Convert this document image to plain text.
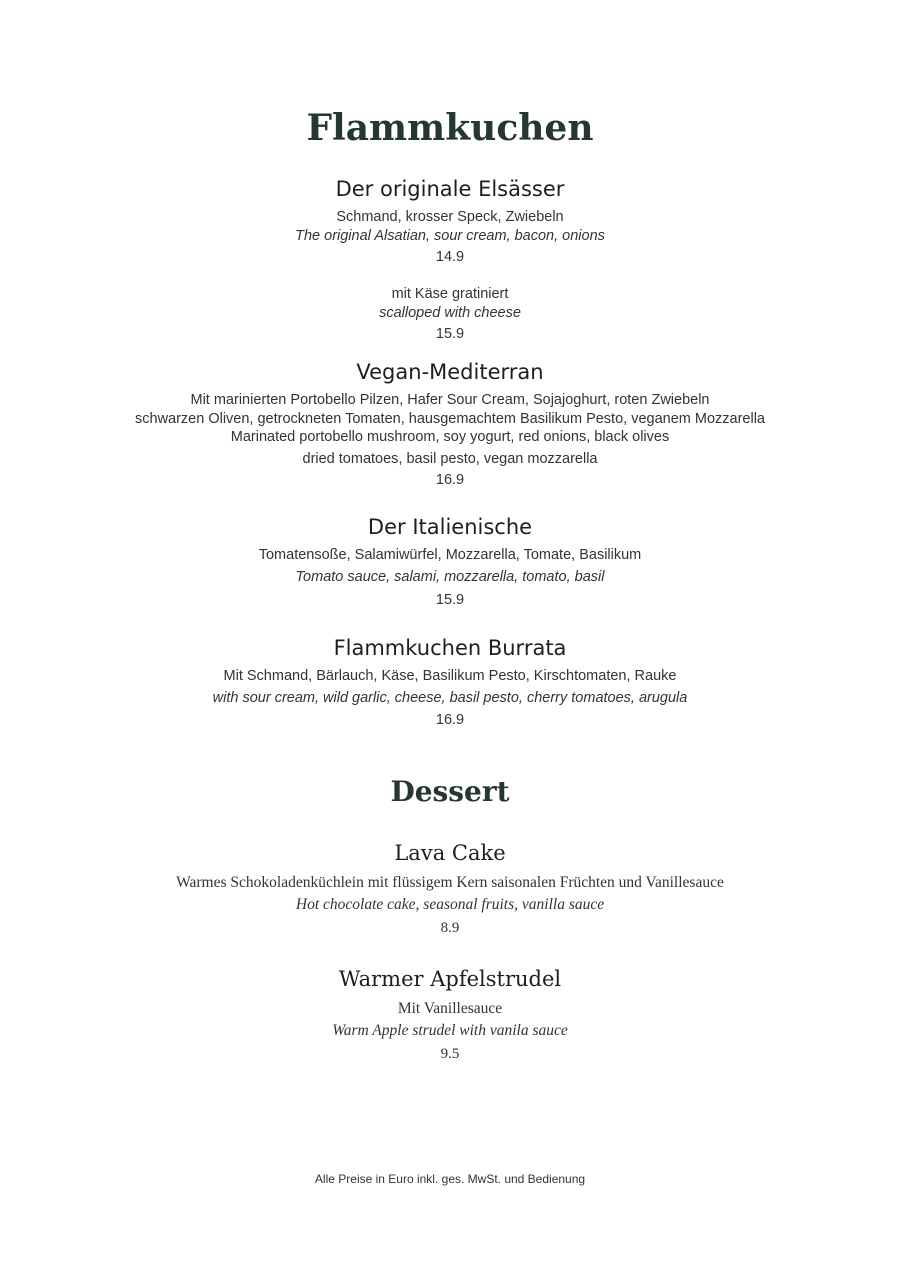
Flammkuchen
Der originale Elsässer
Schmand, krosser Speck, Zwiebeln
The original Alsatian, sour cream, bacon, onions
14.9
mit Käse gratiniert
scalloped with cheese
15.9
Vegan-Mediterran
Mit marinierten Portobello Pilzen, Hafer Sour Cream, Sojajoghurt, roten Zwiebeln
schwarzen Oliven, getrockneten Tomaten, hausgemachtem Basilikum Pesto, veganem Mozzarella
Marinated portobello mushroom, soy yogurt, red onions, black olives
dried tomatoes, basil pesto, vegan mozzarella
16.9
Der Italienische
Tomatensoße, Salamiwürfel, Mozzarella, Tomate, Basilikum
Tomato sauce, salami, mozzarella, tomato, basil
15.9
Flammkuchen Burrata
Mit Schmand, Bärlauch, Käse, Basilikum Pesto, Kirschtomaten, Rauke
with sour cream, wild garlic, cheese, basil pesto, cherry tomatoes, arugula
16.9
Dessert
Lava Cake
Warmes Schokoladenküchlein mit flüssigem Kern saisonalen Früchten und Vanillesauce
Hot chocolate cake, seasonal fruits, vanilla sauce
8.9
Warmer Apfelstrudel
Mit Vanillesauce
Warm Apple strudel with vanila sauce
9.5
Alle Preise in Euro inkl. ges. MwSt. und Bedienung
